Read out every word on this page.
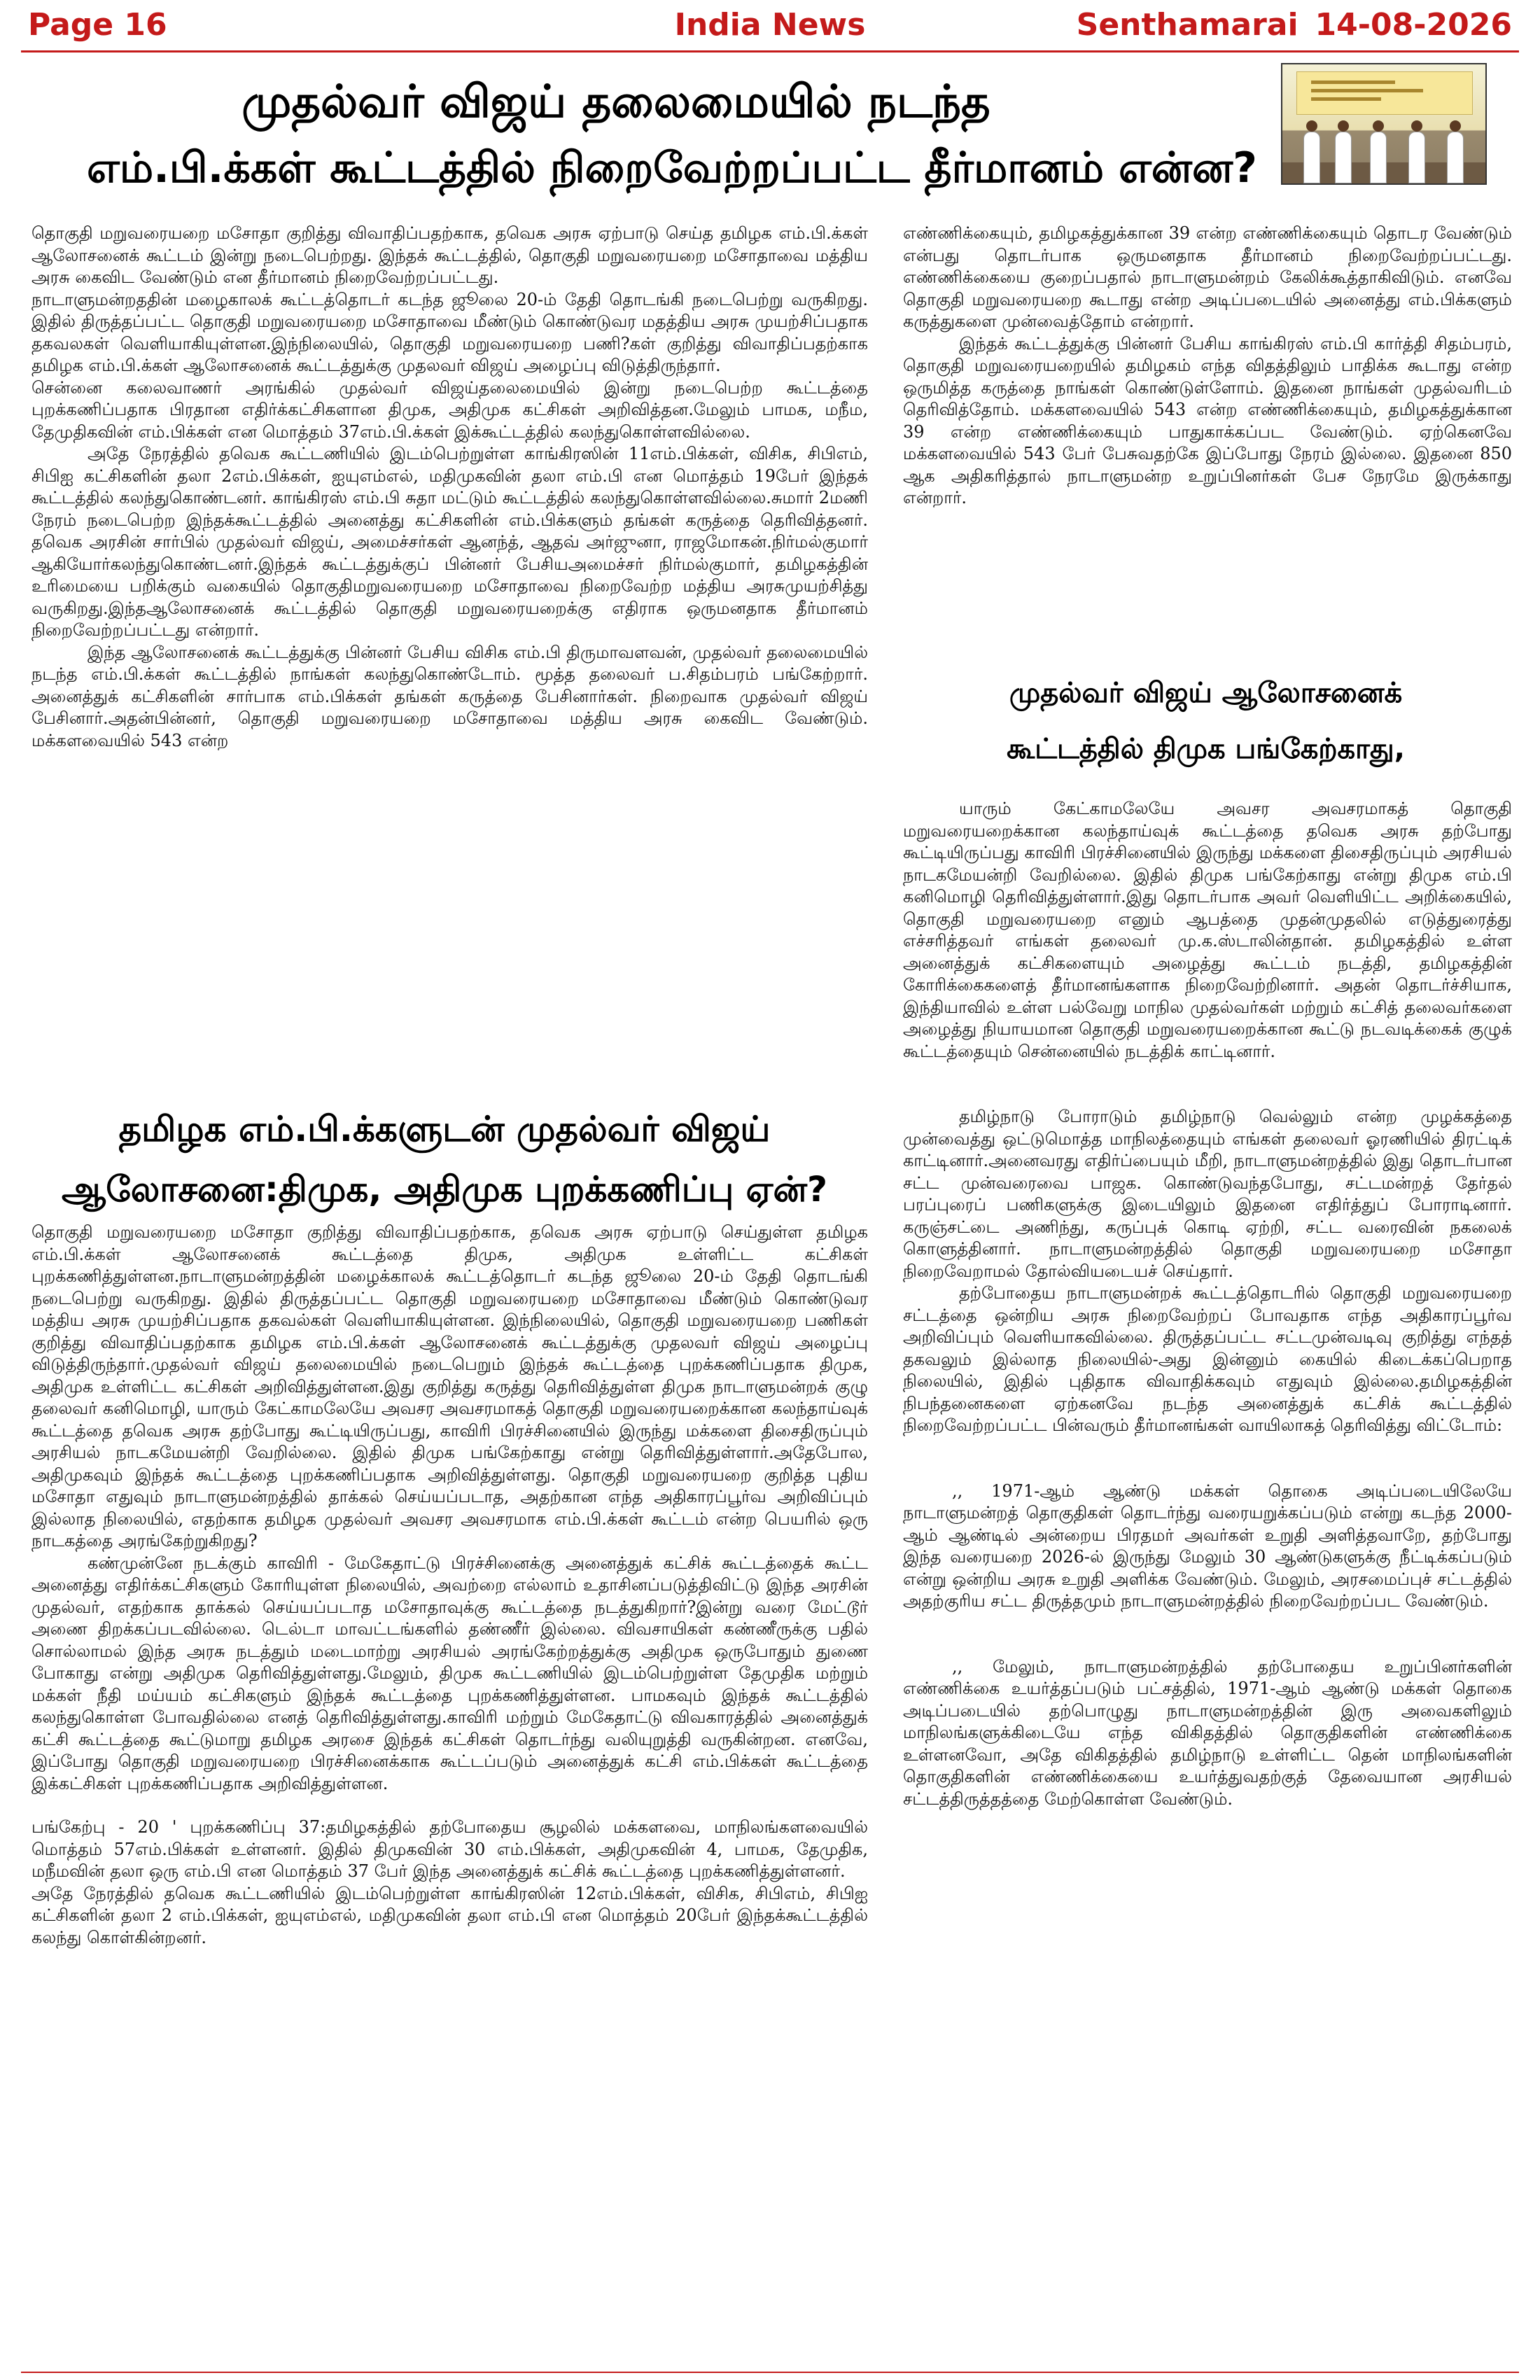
India News
Page 16	Senthamarai 14-08-2026
முதல்வர் விஜய் தலைமையில் நடந்த
எம்.பி.க்கள் கூட்டத்தில் நிறைவேற்றப்பட்ட தீர்மானம் என்ன?

தொகுதி மறுவரையறை மசோதா குறித்து விவாதிப்பதற்காக, தவெக அரசு ஏற்பாடு செய்த தமிழக எம்.பி.க்கள் ஆலோசனைக் கூட்டம் இன்று நடைபெற்றது. இந்தக் கூட்டத்தில், தொகுதி மறுவரையறை மசோதாவை மத்திய அரசு கைவிட வேண்டும் என தீர்மானம் நிறைவேற்றப்பட்டது.

நாடாளுமன்றததின் மழைகாலக் கூட்டத்தொடர் கடந்த ஜூலை 20-ம் தேதி தொடங்கி நடைபெற்று வருகிறது. இதில் திருத்தப்பட்ட தொகுதி மறுவரையறை மசோதாவை மீண்டும் கொண்டுவர மதத்திய அரசு முயற்சிப்பதாக தகவலகள் வெளியாகியுள்ளன.இந்நிலையில், தொகுதி மறுவரையறை பணி?கள் குறித்து விவாதிப்பதற்காக தமிழக எம்.பி.க்கள் ஆலோசனைக் கூட்டத்துக்கு முதலவர் விஜய் அழைப்பு விடுத்திருந்தார்.

சென்னை கலைவாணர் அரங்கில் முதல்வர் விஜய்தலைமையில் இன்று நடைபெற்ற கூட்டத்தை புறக்கணிப்பதாக பிரதான எதிர்க்கட்சிகளான திமுக, அதிமுக கட்சிகள் அறிவித்தன.மேலும் பாமக, மநீம, தேமுதிகவின் எம்.பிக்கள் என மொத்தம் 37எம்.பி.க்கள் இக்கூட்டத்தில் கலந்துகொள்ளவில்லை.

அதே நேரத்தில் தவெக கூட்டணியில் இடம்பெற்றுள்ள காங்கிரஸின் 11எம்.பிக்கள், விசிக, சிபிஎம், சிபிஐ கட்சிகளின் தலா 2எம்.பிக்கள், ஐயுஎம்எல், மதிமுகவின் தலா எம்.பி என மொத்தம் 19பேர் இந்தக் கூட்டத்தில் கலந்துகொண்டனர். காங்கிரஸ் எம்.பி சுதா மட்டும் கூட்டத்தில் கலந்துகொள்ளவில்லை.சுமார் 2மணி நேரம் நடைபெற்ற இந்தக்கூட்டத்தில் அனைத்து கட்சிகளின் எம்.பிக்களும் தங்கள் கருத்தை தெரிவித்தனர். தவெக அரசின் சார்பில் முதல்வர் விஜய், அமைச்சர்கள் ஆனந்த், ஆதவ் அர்ஜுனா, ராஜமோகன்.நிர்மல்குமார் ஆகியோர்கலந்துகொண்டனர்.இந்தக் கூட்டத்துக்குப் பின்னர் பேசியஅமைச்சர் நிர்மல்குமார், தமிழகத்தின் உரிமையை பறிக்கும் வகையில் தொகுதிமறுவரையறை மசோதாவை நிறைவேற்ற மத்திய அரசுமுயற்சித்து வருகிறது.இந்தஆலோசனைக் கூட்டத்தில் தொகுதி மறுவரையறைக்கு எதிராக ஒருமனதாக தீர்மானம் நிறைவேற்றப்பட்டது என்றார்.

இந்த ஆலோசனைக் கூட்டத்துக்கு பின்னர் பேசிய விசிக எம்.பி திருமாவளவன், முதல்வர் தலைமையில் நடந்த எம்.பி.க்கள் கூட்டத்தில் நாங்கள் கலந்துகொண்டோம். மூத்த தலைவர் ப.சிதம்பரம் பங்கேற்றார். அனைத்துக் கட்சிகளின் சார்பாக எம்.பிக்கள் தங்கள் கருத்தை பேசினார்கள். நிறைவாக முதல்வர் விஜய் பேசினார்.அதன்பின்னர், தொகுதி மறுவரையறை மசோதாவை மத்திய அரசு கைவிட வேண்டும். மக்களவையில் 543 என்ற

தமிழக எம்.பி.க்களுடன் முதல்வர் விஜய்
ஆலோசனை:திமுக, அதிமுக புறக்கணிப்பு ஏன்?

தொகுதி மறுவரையறை மசோதா குறித்து விவாதிப்பதற்காக, தவெக அரசு ஏற்பாடு செய்துள்ள தமிழக எம்.பி.க்கள் ஆலோசனைக் கூட்டத்தை திமுக, அதிமுக உள்ளிட்ட கட்சிகள் புறக்கணித்துள்ளன.நாடாளுமன்றத்தின் மழைக்காலக் கூட்டத்தொடர் கடந்த ஜூலை 20-ம் தேதி தொடங்கி நடைபெற்று வருகிறது. இதில் திருத்தப்பட்ட தொகுதி மறுவரையறை மசோதாவை மீண்டும் கொண்டுவர மத்திய அரசு முயற்சிப்பதாக தகவல்கள் வெளியாகியுள்ளன. இந்நிலையில், தொகுதி மறுவரையறை பணிகள் குறித்து விவாதிப்பதற்காக தமிழக எம்.பி.க்கள் ஆலோசனைக் கூட்டத்துக்கு முதலவர் விஜய் அழைப்பு விடுத்திருந்தார்.முதல்வர் விஜய் தலைமையில் நடைபெறும் இந்தக் கூட்டத்தை புறக்கணிப்பதாக திமுக, அதிமுக உள்ளிட்ட கட்சிகள் அறிவித்துள்ளன.இது குறித்து கருத்து தெரிவித்துள்ள திமுக நாடாளுமன்றக் குழு தலைவர் கனிமொழி, யாரும் கேட்காமலேயே அவசர அவசரமாகத் தொகுதி மறுவரையறைக்கான கலந்தாய்வுக் கூட்டத்தை தவெக அரசு தற்போது கூட்டியிருப்பது, காவிரி பிரச்சினையில் இருந்து மக்களை திசைதிருப்பும் அரசியல் நாடகமேயன்றி வேறில்லை. இதில் திமுக பங்கேற்காது என்று தெரிவித்துள்ளார்.அதேபோல, அதிமுகவும் இந்தக் கூட்டத்தை புறக்கணிப்பதாக அறிவித்துள்ளது. தொகுதி மறுவரையறை குறித்த புதிய மசோதா எதுவும் நாடாளுமன்றத்தில் தாக்கல் செய்யப்படாத, அதற்கான எந்த அதிகாரப்பூர்வ அறிவிப்பும் இல்லாத நிலையில், எதற்காக தமிழக முதல்வர் அவசர அவசரமாக எம்.பி.க்கள் கூட்டம் என்ற பெயரில் ஒரு நாடகத்தை அரங்கேற்றுகிறது?

கண்முன்னே நடக்கும் காவிரி - மேகேதாட்டு பிரச்சினைக்கு அனைத்துக் கட்சிக் கூட்டத்தைக் கூட்ட அனைத்து எதிர்க்கட்சிகளும் கோரியுள்ள நிலையில், அவற்றை எல்லாம் உதாசினப்படுத்திவிட்டு இந்த அரசின் முதல்வர், எதற்காக தாக்கல் செய்யப்படாத மசோதாவுக்கு கூட்டத்தை நடத்துகிறார்?இன்று வரை மேட்டூர் அணை திறக்கப்படவில்லை. டெல்டா மாவட்டங்களில் தண்ணீர் இல்லை. விவசாயிகள் கண்ணீருக்கு பதில் சொல்லாமல் இந்த அரசு நடத்தும் மடைமாற்று அரசியல் அரங்கேற்றத்துக்கு அதிமுக ஒருபோதும் துணை போகாது என்று அதிமுக தெரிவித்துள்ளது.மேலும், திமுக கூட்டணியில் இடம்பெற்றுள்ள தேமுதிக மற்றும் மக்கள் நீதி மய்யம் கட்சிகளும் இந்தக் கூட்டத்தை புறக்கணித்துள்ளன. பாமகவும் இந்தக் கூட்டத்தில் கலந்துகொள்ள போவதில்லை எனத் தெரிவித்துள்ளது.காவிரி மற்றும் மேகேதாட்டு விவகாரத்தில் அனைத்துக் கட்சி கூட்டத்தை கூட்டுமாறு தமிழக அரசை இந்தக் கட்சிகள் தொடர்ந்து வலியுறுத்தி வருகின்றன. எனவே, இப்போது தொகுதி மறுவரையறை பிரச்சினைக்காக கூட்டப்படும் அனைத்துக் கட்சி எம்.பிக்கள் கூட்டத்தை இக்கட்சிகள் புறக்கணிப்பதாக அறிவித்துள்ளன.

பங்கேற்பு - 20 ' புறக்கணிப்பு 37:தமிழகத்தில் தற்போதைய சூழலில் மக்களவை, மாநிலங்களவையில் மொத்தம் 57எம்.பிக்கள் உள்ளனர். இதில் திமுகவின் 30 எம்.பிக்கள், அதிமுகவின் 4, பாமக, தேமுதிக, மநீமவின் தலா ஒரு எம்.பி என மொத்தம் 37 பேர் இந்த அனைத்துக் கட்சிக் கூட்டத்தை புறக்கணித்துள்ளனர்.

அதே நேரத்தில் தவெக கூட்டணியில் இடம்பெற்றுள்ள காங்கிரஸின் 12எம்.பிக்கள், விசிக, சிபிஎம், சிபிஐ கட்சிகளின் தலா 2 எம்.பிக்கள், ஐயுஎம்எல், மதிமுகவின் தலா எம்.பி என மொத்தம் 20பேர் இந்தக்கூட்டத்தில் கலந்து கொள்கின்றனர்.

எண்ணிக்கையும், தமிழகத்துக்கான 39 என்ற எண்ணிக்கையும் தொடர வேண்டும் என்பது தொடர்பாக ஒருமனதாக தீர்மானம் நிறைவேற்றப்பட்டது. எண்ணிக்கையை குறைப்பதால் நாடாளுமன்றம் கேலிக்கூத்தாகிவிடும். எனவே தொகுதி மறுவரையறை கூடாது என்ற அடிப்படையில் அனைத்து எம்.பிக்களும் கருத்துகளை முன்வைத்தோம் என்றார்.

இந்தக் கூட்டத்துக்கு பின்னர் பேசிய காங்கிரஸ் எம்.பி கார்த்தி சிதம்பரம், தொகுதி மறுவரையறையில் தமிழகம் எந்த விதத்திலும் பாதிக்க கூடாது என்ற ஒருமித்த கருத்தை நாங்கள் கொண்டுள்ளோம். இதனை நாங்கள் முதல்வரிடம் தெரிவித்தோம். மக்களவையில் 543 என்ற எண்ணிக்கையும், தமிழகத்துக்கான 39 என்ற எண்ணிக்கையும் பாதுகாக்கப்பட வேண்டும். ஏற்கெனவே மக்களவையில் 543 பேர் பேசுவதற்கே இப்போது நேரம் இல்லை. இதனை 850 ஆக அதிகரித்தால் நாடாளுமன்ற உறுப்பினர்கள் பேச நேரமே இருக்காது என்றார்.

முதல்வர் விஜய் ஆலோசனைக்
கூட்டத்தில் திமுக பங்கேற்காது,

யாரும் கேட்காமலேயே அவசர அவசரமாகத் தொகுதி மறுவரையறைக்கான கலந்தாய்வுக் கூட்டத்தை தவெக அரசு தற்போது கூட்டியிருப்பது காவிரி பிரச்சினையில் இருந்து மக்களை திசைதிருப்பும் அரசியல் நாடகமேயன்றி வேறில்லை. இதில் திமுக பங்கேற்காது என்று திமுக எம்.பி கனிமொழி தெரிவித்துள்ளார்.இது தொடர்பாக அவர் வெளியிட்ட அறிக்கையில், தொகுதி மறுவரையறை எனும் ஆபத்தை முதன்முதலில் எடுத்துரைத்து எச்சரித்தவர் எங்கள் தலைவர் மு.க.ஸ்டாலின்தான். தமிழகத்தில் உள்ள அனைத்துக் கட்சிகளையும் அழைத்து கூட்டம் நடத்தி, தமிழகத்தின் கோரிக்கைகளைத் தீர்மானங்களாக நிறைவேற்றினார். அதன் தொடர்ச்சியாக, இந்தியாவில் உள்ள பல்வேறு மாநில முதல்வர்கள் மற்றும் கட்சித் தலைவர்களை அழைத்து நியாயமான தொகுதி மறுவரையறைக்கான கூட்டு நடவடிக்கைக் குழுக் கூட்டத்தையும் சென்னையில் நடத்திக் காட்டினார்.

தமிழ்நாடு போராடும் தமிழ்நாடு வெல்லும் என்ற முழக்கத்தை முன்வைத்து ஒட்டுமொத்த மாநிலத்தையும் எங்கள் தலைவர் ஓரணியில் திரட்டிக் காட்டினார்.அனைவரது எதிர்ப்பையும் மீறி, நாடாளுமன்றத்தில் இது தொடர்பான சட்ட முன்வரைவை பாஜக. கொண்டுவந்தபோது, சட்டமன்றத் தேர்தல் பரப்புரைப் பணிகளுக்கு இடையிலும் இதனை எதிர்த்துப் போராடினார். கருஞ்சட்டை அணிந்து, கருப்புக் கொடி ஏற்றி, சட்ட வரைவின் நகலைக் கொளுத்தினார். நாடாளுமன்றத்தில் தொகுதி மறுவரையறை மசோதா நிறைவேறாமல் தோல்வியடையச் செய்தார்.

தற்போதைய நாடாளுமன்றக் கூட்டத்தொடரில் தொகுதி மறுவரையறை சட்டத்தை ஒன்றிய அரசு நிறைவேற்றப் போவதாக எந்த அதிகாரப்பூர்வ அறிவிப்பும் வெளியாகவில்லை. திருத்தப்பட்ட சட்டமுன்வடிவு குறித்து எந்தத் தகவலும் இல்லாத நிலையில்-அது இன்னும் கையில் கிடைக்கப்பெறாத நிலையில், இதில் புதிதாக விவாதிக்கவும் எதுவும் இல்லை.தமிழகத்தின் நிபந்தனைகளை ஏற்கனவே நடந்த அனைத்துக் கட்சிக் கூட்டத்தில் நிறைவேற்றப்பட்ட பின்வரும் தீர்மானங்கள் வாயிலாகத் தெரிவித்து விட்டோம்:

,, 1971-ஆம் ஆண்டு மக்கள் தொகை அடிப்படையிலேயே நாடாளுமன்றத் தொகுதிகள் தொடர்ந்து வரையறுக்கப்படும் என்று கடந்த 2000-ஆம் ஆண்டில் அன்றைய பிரதமர் அவர்கள் உறுதி அளித்தவாறே, தற்போது இந்த வரையறை 2026-ல் இருந்து மேலும் 30 ஆண்டுகளுக்கு நீட்டிக்கப்படும் என்று ஒன்றிய அரசு உறுதி அளிக்க வேண்டும். மேலும், அரசமைப்புச் சட்டத்தில் அதற்குரிய சட்ட திருத்தமும் நாடாளுமன்றத்தில் நிறைவேற்றப்பட வேண்டும்.

,, மேலும், நாடாளுமன்றத்தில் தற்போதைய உறுப்பினர்களின் எண்ணிக்கை உயர்த்தப்படும் பட்சத்தில், 1971-ஆம் ஆண்டு மக்கள் தொகை அடிப்படையில் தற்பொழுது நாடாளுமன்றத்தின் இரு அவைகளிலும் மாநிலங்களுக்கிடையே எந்த விகிதத்தில் தொகுதிகளின் எண்ணிக்கை உள்ளனவோ, அதே விகிதத்தில் தமிழ்நாடு உள்ளிட்ட தென் மாநிலங்களின் தொகுதிகளின் எண்ணிக்கையை உயர்த்துவதற்குத் தேவையான அரசியல் சட்டத்திருத்தத்தை மேற்கொள்ள வேண்டும்.
